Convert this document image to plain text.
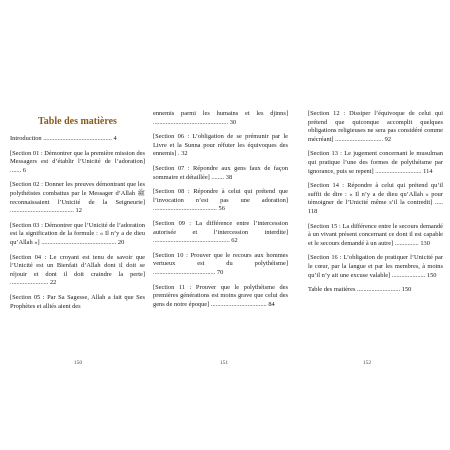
Table des matières

Introduction ........................................... 4

[Section 01 : Démontrer que la première mission des Messagers est d’établir l’Unicité de l’adoration] ....... 6

[Section 02 : Donner les preuves démontrant que les polythéistes combattus par le Messager d’Allah ﷺ reconnaissaient l’Unicité de la Seigneurie] ........................................ 12

[Section 03 : Démontrer que l’Unicité de l’adoration est la signification de la formule : « Il n’y a de dieu qu’Allah »] ............................................... 20

[Section 04 : Le croyant est tenu de savoir que l’Unicité est un Bienfait d’Allah dont il doit se réjouir et dont il doit craindre la perte] ........................ 22

[Section 05 : Par Sa Sagesse, Allah a fait que Ses Prophètes et alliés aient des

ennemis parmi les humains et les djinns] ............................................... 30

[Section 06 : L’obligation de se prémunir par le Livre et la Sunna pour réfuter les équivoques des ennemis] . 32

[Section 07 : Répondre aux gens faux de façon sommaire et détaillée] ........ 38

[Section 08 : Répondre à celui qui prétend que l’invocation n’est pas une adoration] ........................................ 56

[Section 09 : La différence entre l’intercession autorisée et l’intercession interdite] ................................................ 62

[Section 10 : Prouver que le recours aux hommes vertueux est du polythéisme] ....................................... 70

[Section 11 : Prouver que le polythéisme des premières générations est moins grave que celui des gens de notre époque] ................................... 84

[Section 12 : Dissiper l’équivoque de celui qui prétend que quiconque accomplit quelques obligations religieuses ne sera pas considéré comme mécréant] .............................. 92

[Section 13 : Le jugement concernant le musulman qui pratique l’une des formes de polythéisme par ignorance, puis se repent] ............................. 114

[Section 14 : Répondre à celui qui prétend qu’il suffit de dire : « Il n’y a de dieu qu’Allah » pour témoigner de l’Unicité même s’il la contredit] ..... 118

[Section 15 : La différence entre le secours demandé à un vivant présent concernant ce dont il est capable et le secours demandé à un autre] ............... 130

[Section 16 : L’obligation de pratiquer l’Unicité par le cœur, par la langue et par les membres, à moins qu’il n’y ait une excuse valable] ..................... 150

Table des matières ........................... 150

150	151	152
